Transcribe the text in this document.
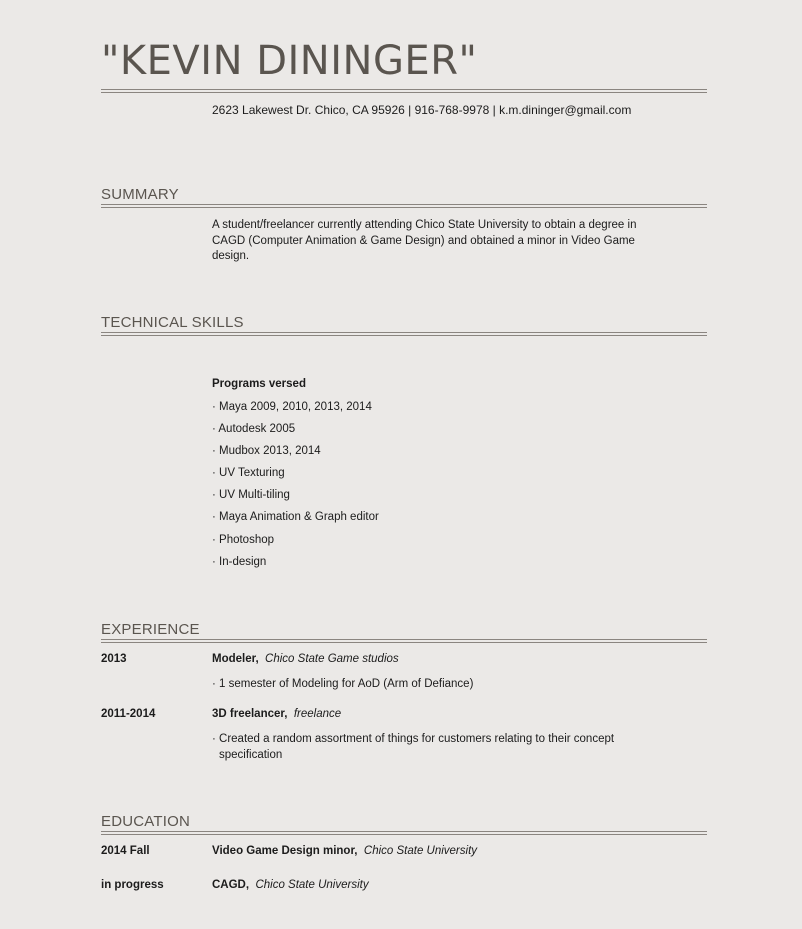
"KEVIN DININGER"
2623 Lakewest Dr. Chico, CA 95926 | 916-768-9978 | k.m.dininger@gmail.com
SUMMARY
A student/freelancer currently attending Chico State University to obtain a degree in CAGD (Computer Animation & Game Design) and obtained a minor in Video Game design.
TECHNICAL SKILLS
Programs versed
· Maya 2009, 2010, 2013, 2014
· Autodesk 2005
· Mudbox 2013, 2014
· UV Texturing
· UV Multi-tiling
· Maya Animation & Graph editor
· Photoshop
· In-design
EXPERIENCE
2013	Modeler, Chico State Game studios
· 1 semester of Modeling for AoD (Arm of Defiance)
2011-2014	3D freelancer, freelance
· Created a random assortment of things for customers relating to their concept
specification
EDUCATION
2014 Fall	Video Game Design minor, Chico State University
in progress	CAGD, Chico State University
